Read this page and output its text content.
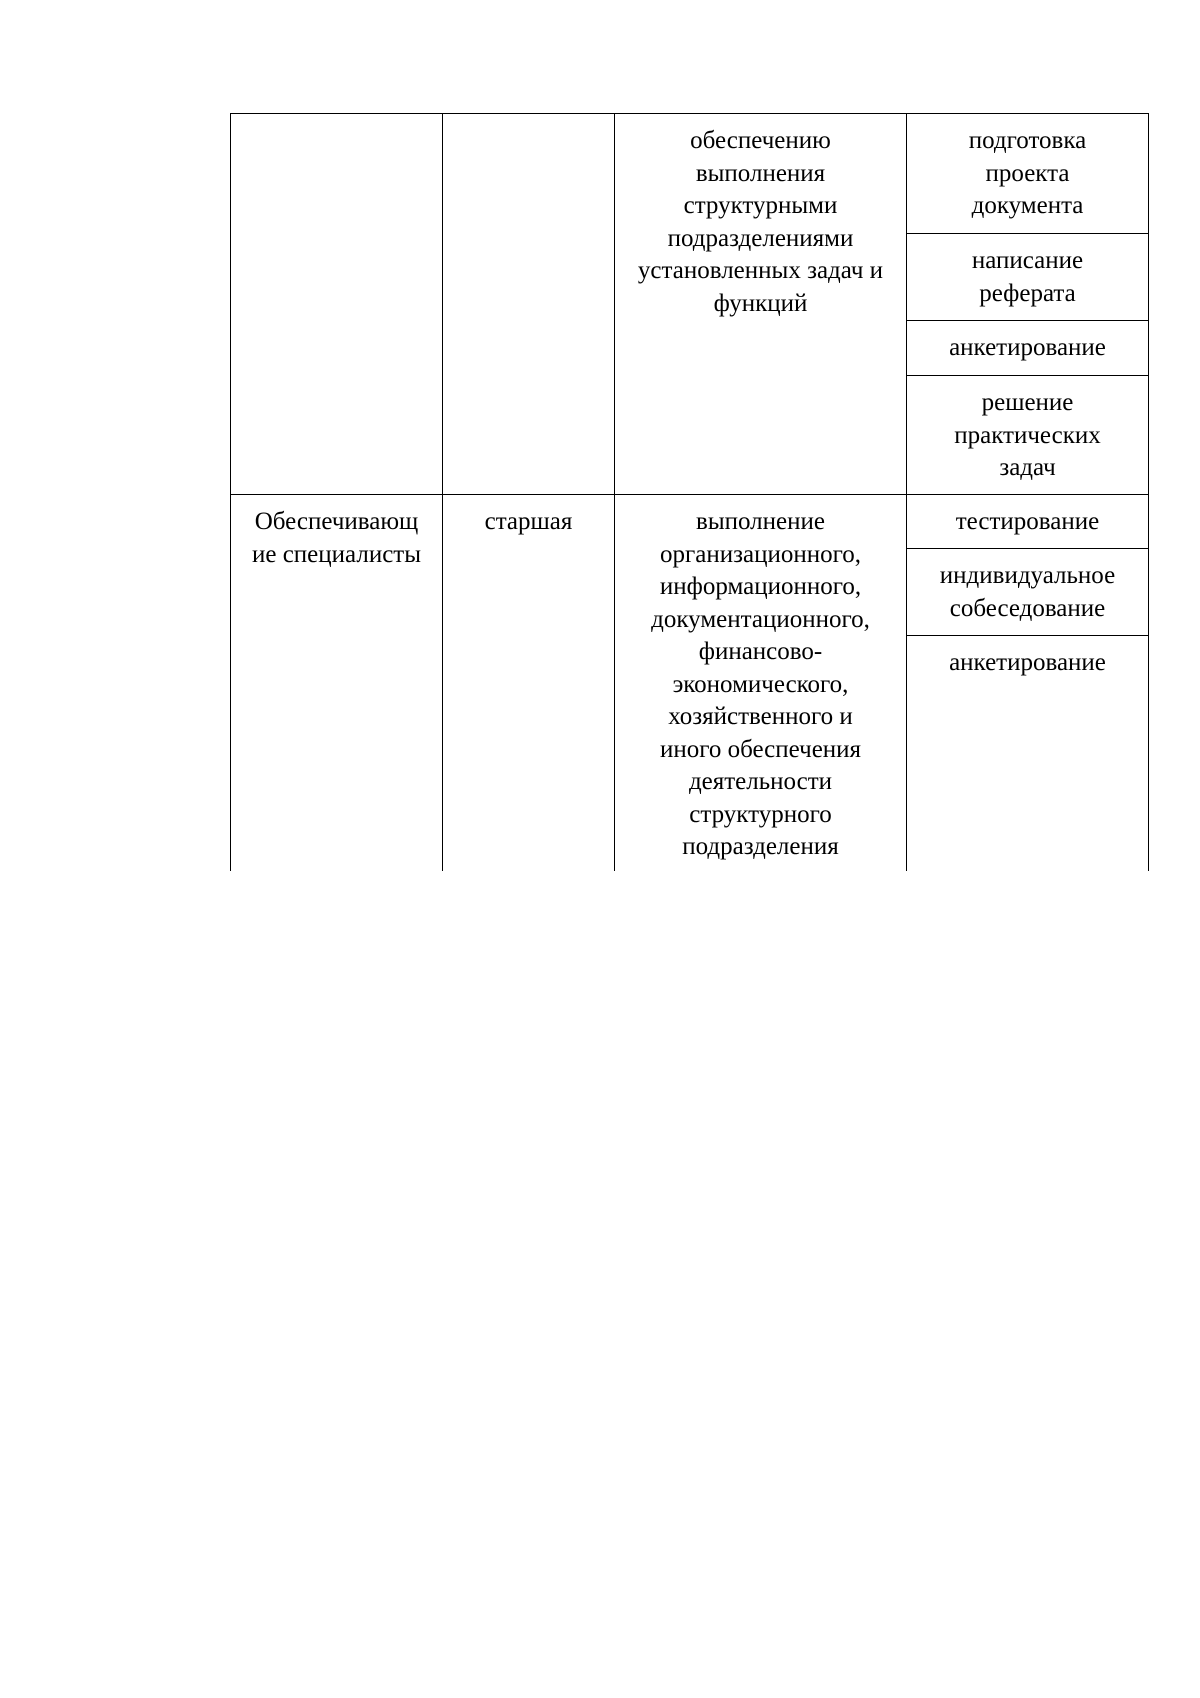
обеспечению
выполнения
структурными
подразделениями
установленных задач и
функций
подготовка
проекта
документа
написание
реферата
анкетирование
решение
практических
задач
Обеспечивающ
ие специалисты
старшая	выполнение
организационного,
информационного,
документационного,
финансово-
экономического,
хозяйственного и
иного обеспечения
деятельности
структурного
подразделения
тестирование
индивидуальное
собеседование
анкетирование
